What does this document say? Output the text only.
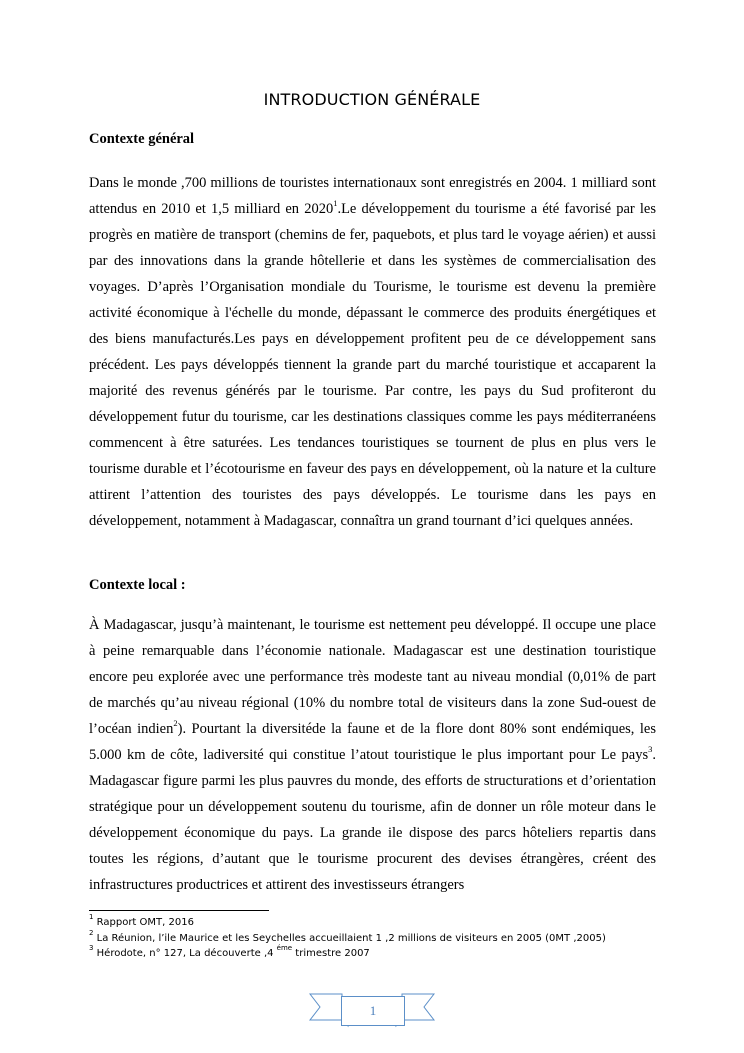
INTRODUCTION GÉNÉRALE
Contexte général

Dans le monde ,700 millions de touristes internationaux sont enregistrés en 2004. 1 milliard sont attendus en 2010 et 1,5 milliard en 2020$^1$.Le développement du tourisme a été favorisé par les progrès en matière de transport (chemins de fer, paquebots, et plus tard le voyage aérien) et aussi par des innovations dans la grande hôtellerie et dans les systèmes de commercialisation des voyages. D’après l’Organisation mondiale du Tourisme, le tourisme est devenu la première activité économique à l'échelle du monde, dépassant le commerce des produits énergétiques et des biens manufacturés.Les pays en développement profitent peu de ce développement sans précédent. Les pays développés tiennent la grande part du marché touristique et accaparent la majorité des revenus générés par le tourisme. Par contre, les pays du Sud profiteront du développement futur du tourisme, car les destinations classiques comme les pays méditerranéens commencent à être saturées. Les tendances touristiques se tournent de plus en plus vers le tourisme durable et l’écotourisme en faveur des pays en développement, où la nature et la culture attirent l’attention des touristes des pays développés. Le tourisme dans les pays en développement, notamment à Madagascar, connaîtra un grand tournant d’ici quelques années.

Contexte local :

À Madagascar, jusqu’à maintenant, le tourisme est nettement peu développé. Il occupe une place à peine remarquable dans l’économie nationale. Madagascar est une destination touristique encore peu explorée avec une performance très modeste tant au niveau mondial (0,01% de part de marchés qu’au niveau régional (10% du nombre total de visiteurs dans la zone Sud-ouest de l’océan indien$^2$). Pourtant la diversitéde la faune et de la flore dont 80% sont endémiques, les 5.000 km de côte, ladiversité qui constitue l’atout touristique le plus important pour Le pays$^3$. Madagascar figure parmi les plus pauvres du monde, des efforts de structurations et d’orientation stratégique pour un développement soutenu du tourisme, afin de donner un rôle moteur dans le développement économique du pays. La grande ile dispose des parcs hôteliers repartis dans toutes les régions, d’autant que le tourisme procurent des devises étrangères, créent des infrastructures productrices et attirent des investisseurs étrangers

$^1$ Rapport OMT, 2016

$^2$ La Réunion, l’ile Maurice et les Seychelles accueillaient 1 ,2 millions de visiteurs en 2005 (0MT ,2005)

$^3$ Hérodote, n° 127, La découverte ,4 $^{éme}$ trimestre 2007

1
